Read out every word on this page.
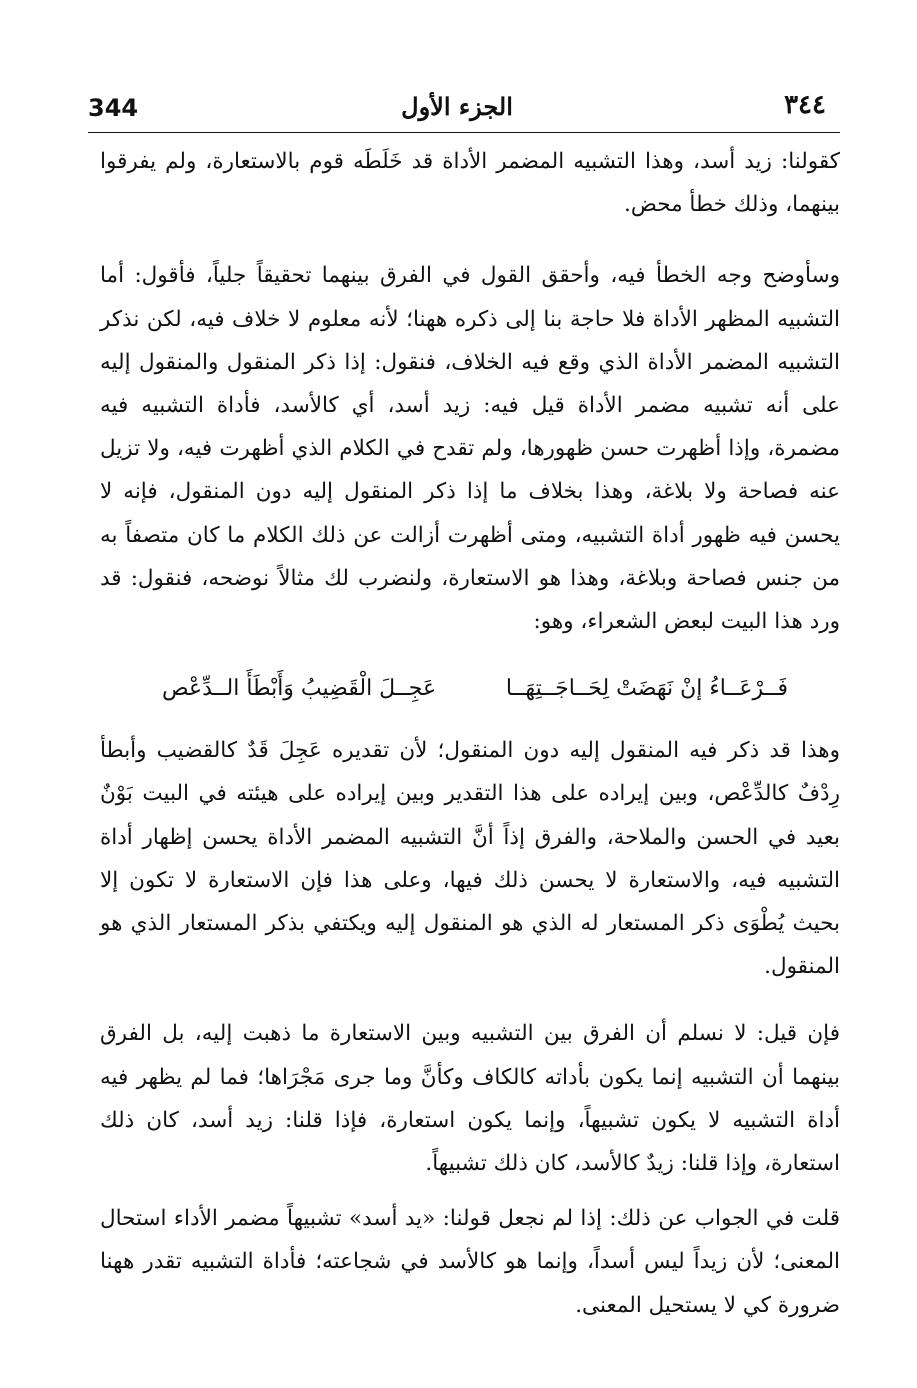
344	الجزء الأول	٣٤٤

كقولنا: زيد أسد، وهذا التشبيه المضمر الأداة قد خَلَطَه قوم بالاستعارة، ولم يفرقوا بينهما، وذلك خطأ محض.

وسأوضح وجه الخطأ فيه، وأحقق القول في الفرق بينهما تحقيقاً جلياً، فأقول: أما التشبيه المظهر الأداة فلا حاجة بنا إلى ذكره ههنا؛ لأنه معلوم لا خلاف فيه، لكن نذكر التشبيه المضمر الأداة الذي وقع فيه الخلاف، فنقول: إذا ذكر المنقول والمنقول إليه على أنه تشبيه مضمر الأداة قيل فيه: زيد أسد، أي كالأسد، فأداة التشبيه فيه مضمرة، وإذا أظهرت حسن ظهورها، ولم تقدح في الكلام الذي أظهرت فيه، ولا تزيل عنه فصاحة ولا بلاغة، وهذا بخلاف ما إذا ذكر المنقول إليه دون المنقول، فإنه لا يحسن فيه ظهور أداة التشبيه، ومتى أظهرت أزالت عن ذلك الكلام ما كان متصفاً به من جنس فصاحة وبلاغة، وهذا هو الاستعارة، ولنضرب لك مثالاً نوضحه، فنقول: قد ورد هذا البيت لبعض الشعراء، وهو:

فَــرْعَــاءُ إنْ نَهَضَتْ لِحَــاجَــتِهَــا
عَجِــلَ الْقَضِيبُ وَأَبْطَأَ الــدِّعْص

وهذا قد ذكر فيه المنقول إليه دون المنقول؛ لأن تقديره عَجِلَ قَدٌ كالقضيب وأبطأ رِدْفٌ كالدِّعْص، وبين إيراده على هذا التقدير وبين إيراده على هيئته في البيت بَوْنٌ بعيد في الحسن والملاحة، والفرق إذاً أنَّ التشبيه المضمر الأداة يحسن إظهار أداة التشبيه فيه، والاستعارة لا يحسن ذلك فيها، وعلى هذا فإن الاستعارة لا تكون إلا بحيث يُطْوَى ذكر المستعار له الذي هو المنقول إليه ويكتفي بذكر المستعار الذي هو المنقول.

فإن قيل: لا نسلم أن الفرق بين التشبيه وبين الاستعارة ما ذهبت إليه، بل الفرق بينهما أن التشبيه إنما يكون بأداته كالكاف وكأنَّ وما جرى مَجْرَاها؛ فما لم يظهر فيه أداة التشبيه لا يكون تشبيهاً، وإنما يكون استعارة، فإذا قلنا: زيد أسد، كان ذلك استعارة، وإذا قلنا: زيدٌ كالأسد، كان ذلك تشبيهاً.

قلت في الجواب عن ذلك: إذا لم نجعل قولنا: «يد أسد» تشبيهاً مضمر الأداء استحال المعنى؛ لأن زيداً ليس أسداً، وإنما هو كالأسد في شجاعته؛ فأداة التشبيه تقدر ههنا ضرورة كي لا يستحيل المعنى.
